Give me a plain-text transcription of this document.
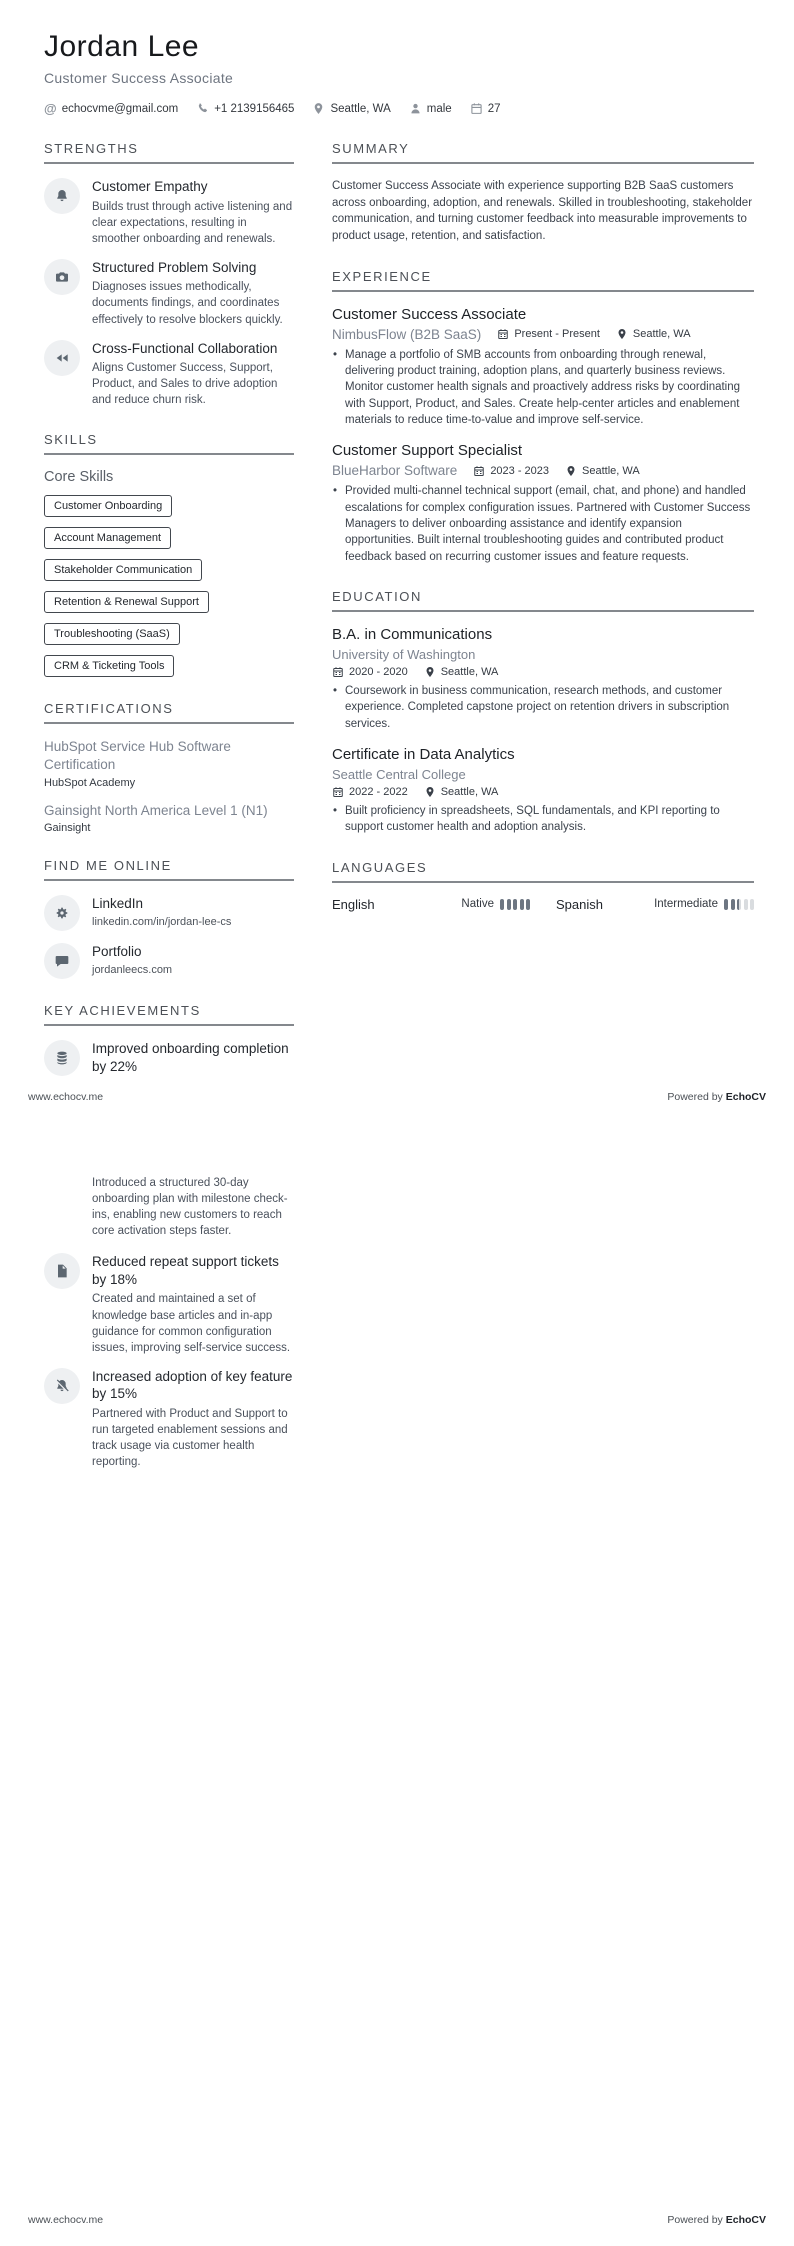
Jordan Lee
Customer Success Associate
@ echocvme@gmail.com	+1 2139156465	Seattle, WA	male	27
STRENGTHS
Customer Empathy
Builds trust through active listening and clear expectations, resulting in smoother onboarding and renewals.
Structured Problem Solving
Diagnoses issues methodically, documents findings, and coordinates effectively to resolve blockers quickly.
Cross-Functional Collaboration
Aligns Customer Success, Support, Product, and Sales to drive adoption and reduce churn risk.
SKILLS
Core Skills
Customer Onboarding
Account Management
Stakeholder Communication
Retention & Renewal Support
Troubleshooting (SaaS)
CRM & Ticketing Tools
CERTIFICATIONS
HubSpot Service Hub Software Certification
HubSpot Academy
Gainsight North America Level 1 (N1)
Gainsight
FIND ME ONLINE
LinkedIn
linkedin.com/in/jordan-lee-cs
Portfolio
jordanleecs.com
KEY ACHIEVEMENTS
Improved onboarding completion by 22%
SUMMARY

Customer Success Associate with experience supporting B2B SaaS customers across onboarding, adoption, and renewals. Skilled in troubleshooting, stakeholder communication, and turning customer feedback into measurable improvements to product usage, retention, and satisfaction.

EXPERIENCE
Customer Success Associate
NimbusFlow (B2B SaaS)	Present - Present	Seattle, WA
• Manage a portfolio of SMB accounts from onboarding through renewal, delivering product training, adoption plans, and quarterly business reviews. Monitor customer health signals and proactively address risks by coordinating with Support, Product, and Sales. Create help-center articles and enablement materials to reduce time-to-value and improve self-service.
Customer Support Specialist
BlueHarbor Software	2023 - 2023	Seattle, WA
• Provided multi-channel technical support (email, chat, and phone) and handled escalations for complex configuration issues. Partnered with Customer Success Managers to deliver onboarding assistance and identify expansion opportunities. Built internal troubleshooting guides and contributed product feedback based on recurring customer issues and feature requests.
EDUCATION
B.A. in Communications
University of Washington
2020 - 2020	Seattle, WA
• Coursework in business communication, research methods, and customer experience. Completed capstone project on retention drivers in subscription services.
Certificate in Data Analytics
Seattle Central College
2022 - 2022	Seattle, WA
• Built proficiency in spreadsheets, SQL fundamentals, and KPI reporting to support customer health and adoption analysis.
LANGUAGES
English	Native	Spanish	Intermediate
www.echocv.me	Powered by EchoCV
Introduced a structured 30-day onboarding plan with milestone check-ins, enabling new customers to reach core activation steps faster.
Reduced repeat support tickets by 18%
Created and maintained a set of knowledge base articles and in-app guidance for common configuration issues, improving self-service success.
Increased adoption of key feature by 15%
Partnered with Product and Support to run targeted enablement sessions and track usage via customer health reporting.
www.echocv.me	Powered by EchoCV
